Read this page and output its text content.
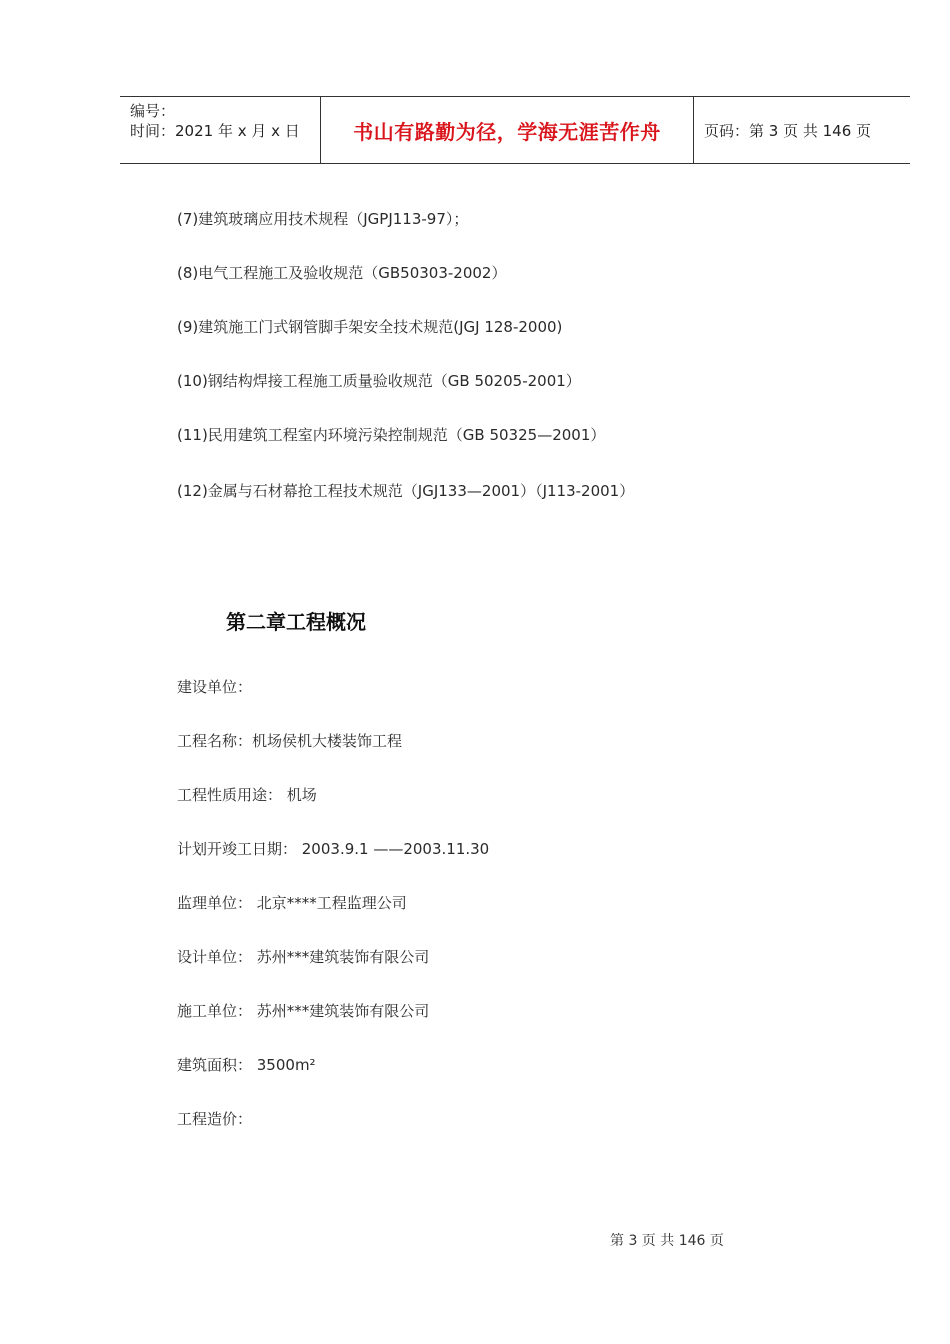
编号：
时间：2021 年 x 月 x 日	书山有路勤为径，学海无涯苦作舟	页码：第 3 页 共 146 页
(7)建筑玻璃应用技术规程（JGPJ113-97）；
(8)电气工程施工及验收规范（GB50303-2002）
(9)建筑施工门式钢管脚手架安全技术规范(JGJ 128-2000)
(10)钢结构焊接工程施工质量验收规范（GB 50205-2001）
(11)民用建筑工程室内环境污染控制规范（GB 50325—2001）
(12)金属与石材幕抢工程技术规范（JGJ133—2001）（J113-2001）
第二章工程概况
建设单位：
工程名称：机场侯机大楼装饰工程
工程性质用途： 机场
计划开竣工日期： 2003.9.1 ——2003.11.30
监理单位： 北京****工程监理公司
设计单位： 苏州***建筑装饰有限公司
施工单位： 苏州***建筑装饰有限公司
建筑面积： 3500m²
工程造价：
第 3 页 共 146 页
